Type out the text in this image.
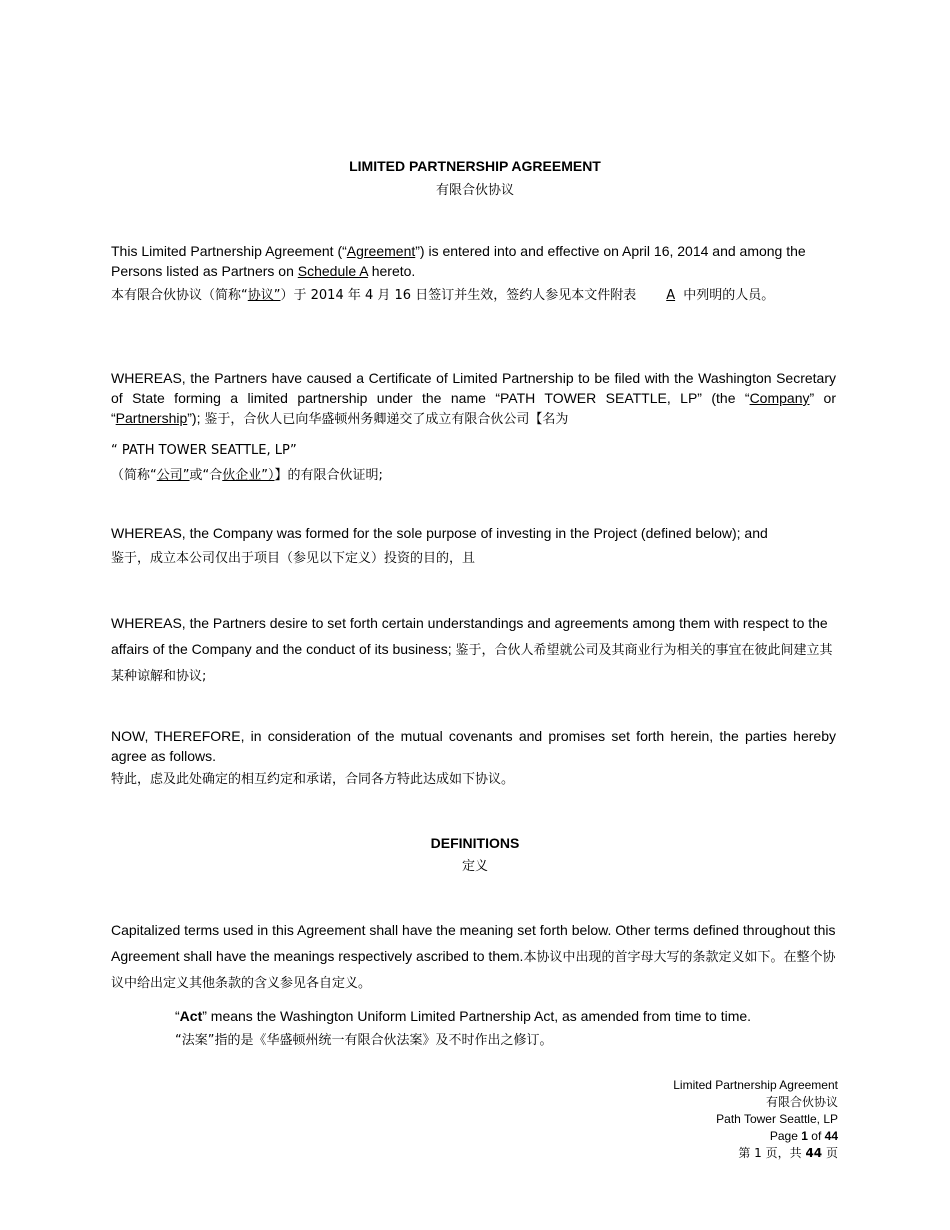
LIMITED PARTNERSHIP AGREEMENT
有限合伙协议
This Limited Partnership Agreement (“Agreement”) is entered into and effective on April 16, 2014 and among the Persons listed as Partners on Schedule A hereto.
本有限合伙协议（简称“协议”）于 2014 年 4 月 16 日签订并生效，签约人参见本文件附表 A 中列明的人员。
WHEREAS, the Partners have caused a Certificate of Limited Partnership to be filed with the Washington Secretary of State forming a limited partnership under the name “PATH TOWER SEATTLE, LP” (the “Company” or “Partnership”); 鉴于，合伙人已向华盛顿州务卿递交了成立有限合伙公司【名为
“ PATH TOWER SEATTLE, LP”
（简称“公司”或“合伙企业”）】的有限合伙证明;
WHEREAS, the Company was formed for the sole purpose of investing in the Project (defined below); and
鉴于，成立本公司仅出于项目（参见以下定义）投资的目的，且
WHEREAS, the Partners desire to set forth certain understandings and agreements among them with respect to the affairs of the Company and the conduct of its business; 鉴于，合伙人希望就公司及其商业行为相关的事宜在彼此间建立其某种谅解和协议;
NOW, THEREFORE, in consideration of the mutual covenants and promises set forth herein, the parties hereby agree as follows.
特此，虑及此处确定的相互约定和承诺，合同各方特此达成如下协议。
DEFINITIONS
定义
Capitalized terms used in this Agreement shall have the meaning set forth below. Other terms defined throughout this Agreement shall have the meanings respectively ascribed to them.本协议中出现的首字母大写的条款定义如下。在整个协议中给出定义其他条款的含义参见各自定义。
“Act” means the Washington Uniform Limited Partnership Act, as amended from time to time.
“法案”指的是《华盛顿州统一有限合伙法案》及不时作出之修订。
Limited Partnership Agreement
有限合伙协议
Path Tower Seattle, LP
Page 1 of 44
第 1 页，共 44 页
